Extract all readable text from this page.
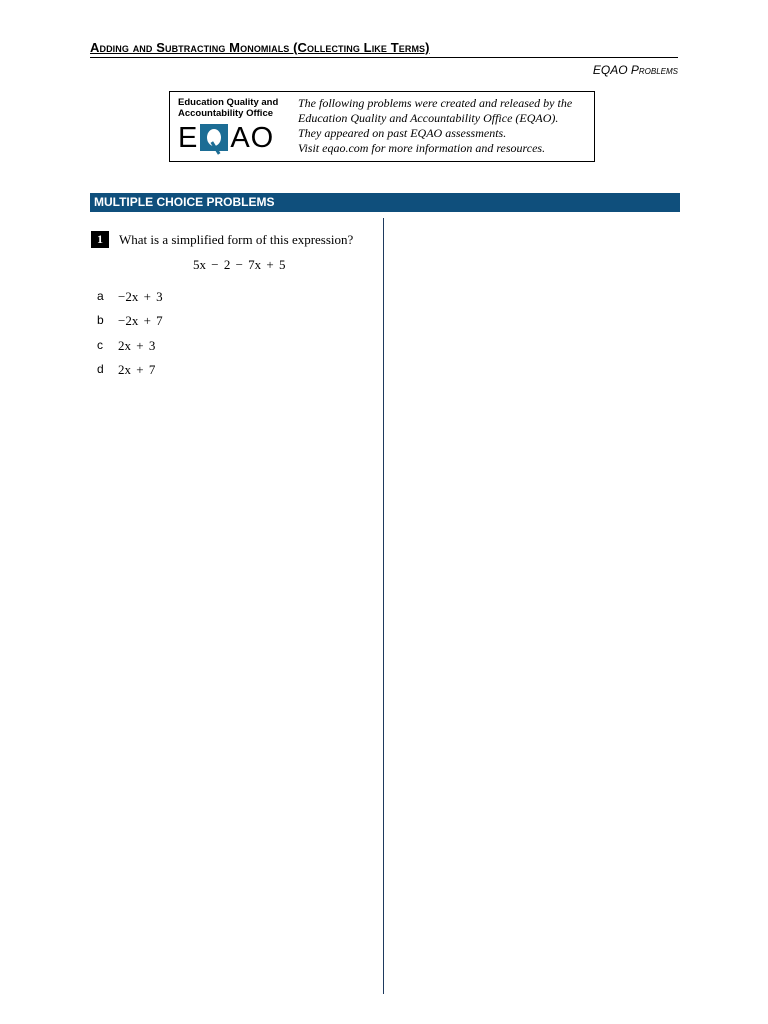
Adding and Subtracting Monomials (Collecting Like Terms)
EQAO Problems
Education Quality and
Accountability Office
E AO
The following problems were created and released by the
Education Quality and Accountability Office (EQAO).
They appeared on past EQAO assessments.
Visit eqao.com for more information and resources.
MULTIPLE CHOICE PROBLEMS
1	What is a simplified form of this expression?
5x − 2 − 7x + 5
a −2x + 3
b −2x + 7
c 2x + 3
d 2x + 7
